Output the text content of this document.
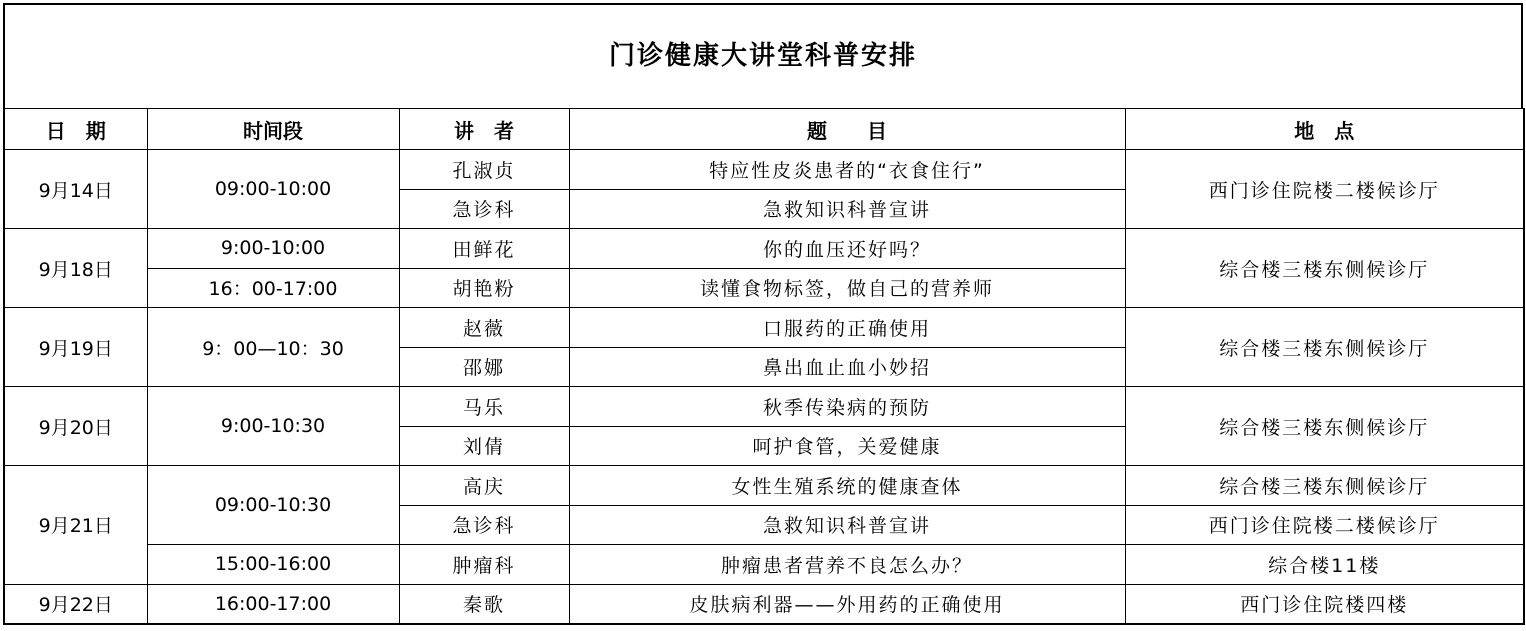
门诊健康大讲堂科普安排
日　期	时间段	讲　者	题　　目	地　点
9月14日	09:00-10:00	孔淑贞	特应性皮炎患者的“衣食住行”	西门诊住院楼二楼候诊厅
		急诊科	急救知识科普宣讲	
9月18日	9:00-10:00	田鲜花	你的血压还好吗？	综合楼三楼东侧候诊厅
	16：00-17:00	胡艳粉	读懂食物标签，做自己的营养师	
9月19日	9：00—10：30	赵薇	口服药的正确使用	综合楼三楼东侧候诊厅
		邵娜	鼻出血止血小妙招	
9月20日	9:00-10:30	马乐	秋季传染病的预防	综合楼三楼东侧候诊厅
		刘倩	呵护食管，关爱健康	
9月21日	09:00-10:30	高庆	女性生殖系统的健康查体	综合楼三楼东侧候诊厅
		急诊科	急救知识科普宣讲	西门诊住院楼二楼候诊厅
	15:00-16:00	肿瘤科	肿瘤患者营养不良怎么办？	综合楼11楼
9月22日	16:00-17:00	秦歌	皮肤病利器——外用药的正确使用	西门诊住院楼四楼
